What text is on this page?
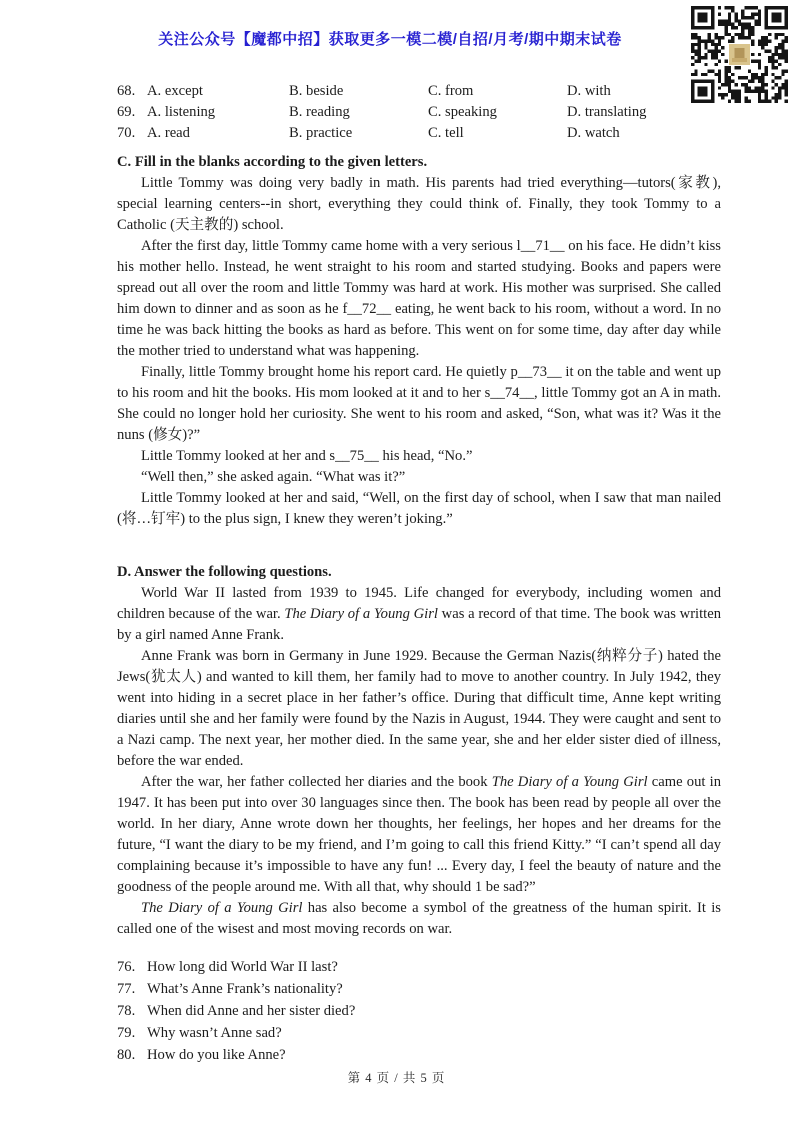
关注公众号【魔都中招】获取更多一模二模/自招/月考/期中期末试卷
68. A. except	B. beside	C. from	D. with
69. A. listening	B. reading	C. speaking	D. translating
70. A. read	B. practice	C. tell	D. watch
C. Fill in the blanks according to the given letters.

Little Tommy was doing very badly in math. His parents had tried everything—tutors(家教), special learning centers--in short, everything they could think of. Finally, they took Tommy to a Catholic (天主教的) school.

After the first day, little Tommy came home with a very serious l__71__ on his face. He didn’t kiss his mother hello. Instead, he went straight to his room and started studying. Books and papers were spread out all over the room and little Tommy was hard at work. His mother was surprised. She called him down to dinner and as soon as he f__72__ eating, he went back to his room, without a word. In no time he was back hitting the books as hard as before. This went on for some time, day after day while the mother tried to understand what was happening.

Finally, little Tommy brought home his report card. He quietly p__73__ it on the table and went up to his room and hit the books. His mom looked at it and to her s__74__, little Tommy got an A in math. She could no longer hold her curiosity. She went to his room and asked, “Son, what was it? Was it the nuns (修女)?”

Little Tommy looked at her and s__75__ his head, “No.”

“Well then,” she asked again. “What was it?”

Little Tommy looked at her and said, “Well, on the first day of school, when I saw that man nailed (将…钉牢) to the plus sign, I knew they weren’t joking.”

D. Answer the following questions.

World War II lasted from 1939 to 1945. Life changed for everybody, including women and children because of the war. The Diary of a Young Girl was a record of that time. The book was written by a girl named Anne Frank.

Anne Frank was born in Germany in June 1929. Because the German Nazis(纳粹分子) hated the Jews(犹太人) and wanted to kill them, her family had to move to another country. In July 1942, they went into hiding in a secret place in her father’s office. During that difficult time, Anne kept writing diaries until she and her family were found by the Nazis in August, 1944. They were caught and sent to a Nazi camp. The next year, her mother died. In the same year, she and her elder sister died of illness, before the war ended.

After the war, her father collected her diaries and the book The Diary of a Young Girl came out in 1947. It has been put into over 30 languages since then. The book has been read by people all over the world. In her diary, Anne wrote down her thoughts, her feelings, her hopes and her dreams for the future, “I want the diary to be my friend, and I’m going to call this friend Kitty.” “I can’t spend all day complaining because it’s impossible to have any fun! ... Every day, I feel the beauty of nature and the goodness of the people around me. With all that, why should 1 be sad?”

The Diary of a Young Girl has also become a symbol of the greatness of the human spirit. It is called one of the wisest and most moving records on war.

76. How long did World War II last?
77. What’s Anne Frank’s nationality?
78. When did Anne and her sister died?
79. Why wasn’t Anne sad?
80. How do you like Anne?
第 4 页 / 共 5 页
